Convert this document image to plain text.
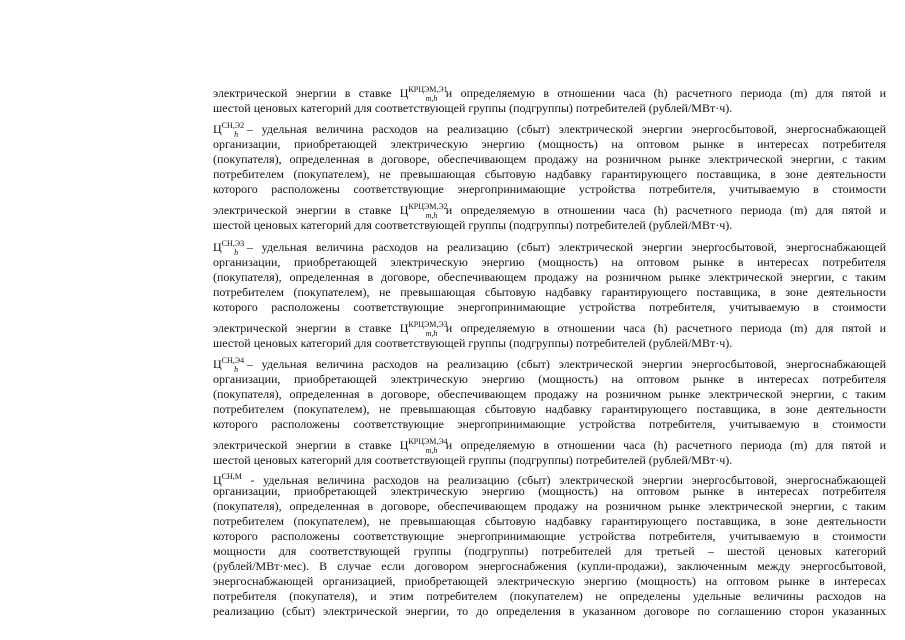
электрической энергии в ставке $Ц^{КРЦЭМ,Э1}_{m,h}$ и определяемую в отношении часа (h) расчетного периода (m) для пятой и
шестой ценовых категорий для соответствующей группы (подгруппы) потребителей (рублей/МВт·ч).
$Ц^{СН,Э2}_h$ – удельная величина расходов на реализацию (сбыт) электрической энергии энергосбытовой, энергоснабжающей
организации, приобретающей электрическую энергию (мощность) на оптовом рынке в интересах потребителя
(покупателя), определенная в договоре, обеспечивающем продажу на розничном рынке электрической энергии, с таким
потребителем (покупателем), не превышающая сбытовую надбавку гарантирующего поставщика, в зоне деятельности
которого расположены соответствующие энергопринимающие устройства потребителя, учитываемую в стоимости
электрической энергии в ставке $Ц^{КРЦЭМ,Э2}_{m,h}$ и определяемую в отношении часа (h) расчетного периода (m) для пятой и
шестой ценовых категорий для соответствующей группы (подгруппы) потребителей (рублей/МВт·ч).
$Ц^{СН,Э3}_h$ – удельная величина расходов на реализацию (сбыт) электрической энергии энергосбытовой, энергоснабжающей
организации, приобретающей электрическую энергию (мощность) на оптовом рынке в интересах потребителя
(покупателя), определенная в договоре, обеспечивающем продажу на розничном рынке электрической энергии, с таким
потребителем (покупателем), не превышающая сбытовую надбавку гарантирующего поставщика, в зоне деятельности
которого расположены соответствующие энергопринимающие устройства потребителя, учитываемую в стоимости
электрической энергии в ставке $Ц^{КРЦЭМ,Э3}_{m,h}$ и определяемую в отношении часа (h) расчетного периода (m) для пятой и
шестой ценовых категорий для соответствующей группы (подгруппы) потребителей (рублей/МВт·ч).
$Ц^{СН,Э4}_h$ – удельная величина расходов на реализацию (сбыт) электрической энергии энергосбытовой, энергоснабжающей
организации, приобретающей электрическую энергию (мощность) на оптовом рынке в интересах потребителя
(покупателя), определенная в договоре, обеспечивающем продажу на розничном рынке электрической энергии, с таким
потребителем (покупателем), не превышающая сбытовую надбавку гарантирующего поставщика, в зоне деятельности
которого расположены соответствующие энергопринимающие устройства потребителя, учитываемую в стоимости
электрической энергии в ставке $Ц^{КРЦЭМ,Э4}_{m,h}$ и определяемую в отношении часа (h) расчетного периода (m) для пятой и
шестой ценовых категорий для соответствующей группы (подгруппы) потребителей (рублей/МВт·ч).
$Ц^{СН,М}$ - удельная величина расходов на реализацию (сбыт) электрической энергии энергосбытовой, энергоснабжающей
организации, приобретающей электрическую энергию (мощность) на оптовом рынке в интересах потребителя
(покупателя), определенная в договоре, обеспечивающем продажу на розничном рынке электрической энергии, с таким
потребителем (покупателем), не превышающая сбытовую надбавку гарантирующего поставщика, в зоне деятельности
которого расположены соответствующие энергопринимающие устройства потребителя, учитываемую в стоимости
мощности для соответствующей группы (подгруппы) потребителей для третьей – шестой ценовых категорий
(рублей/МВт·мес). В случае если договором энергоснабжения (купли-продажи), заключенным между энергосбытовой,
энергоснабжающей организацией, приобретающей электрическую энергию (мощность) на оптовом рынке в интересах
потребителя (покупателя), и этим потребителем (покупателем) не определены удельные величины расходов на
реализацию (сбыт) электрической энергии, то до определения в указанном договоре по соглашению сторон указанных
